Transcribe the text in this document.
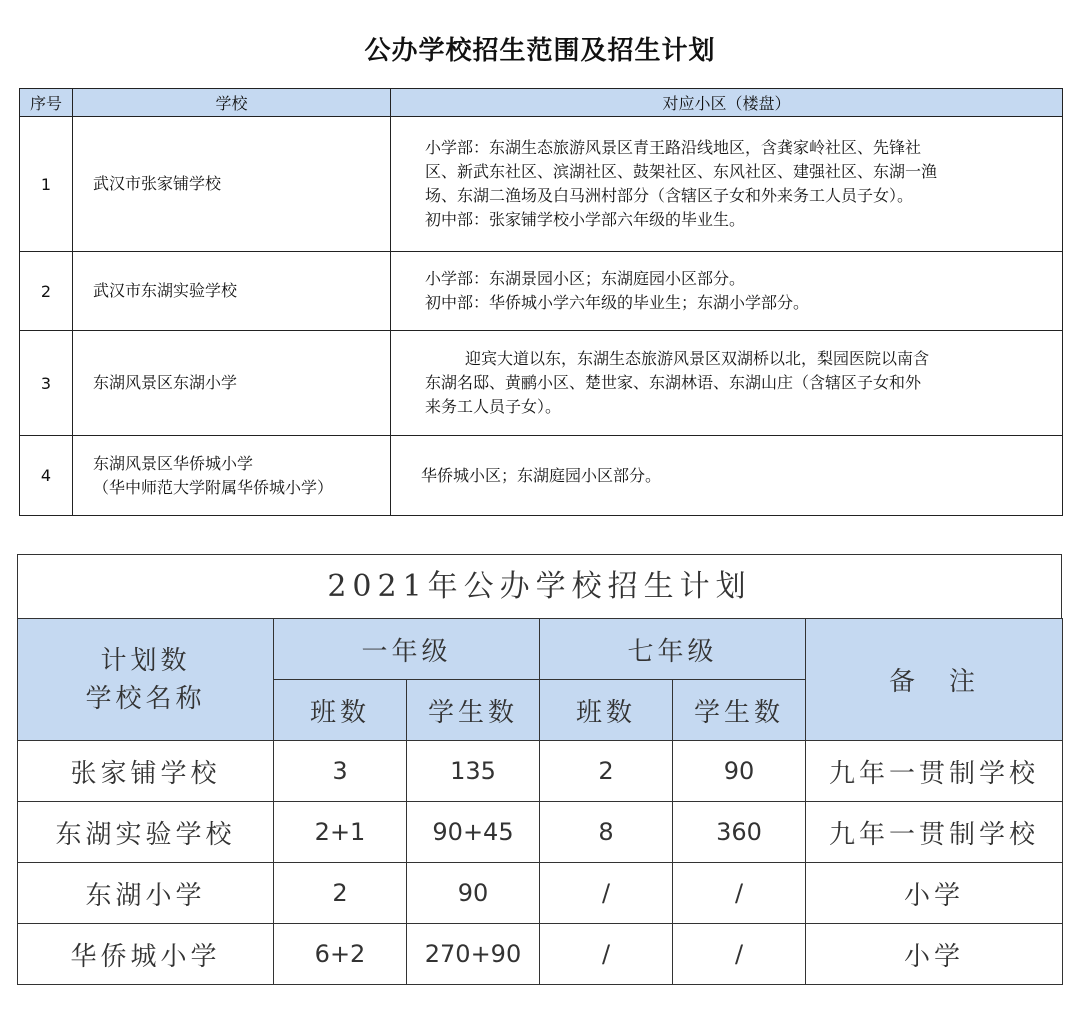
公办学校招生范围及招生计划
序号	学校	对应小区（楼盘）
1	武汉市张家铺学校	小学部：东湖生态旅游风景区青王路沿线地区，含龚家岭社区、先锋社
区、新武东社区、滨湖社区、鼓架社区、东风社区、建强社区、东湖一渔
场、东湖二渔场及白马洲村部分（含辖区子女和外来务工人员子女）。
初中部：张家铺学校小学部六年级的毕业生。

2	武汉市东湖实验学校	小学部：东湖景园小区；东湖庭园小区部分。
初中部：华侨城小学六年级的毕业生；东湖小学部分。

3	东湖风景区东湖小学	迎宾大道以东，东湖生态旅游风景区双湖桥以北，梨园医院以南含
东湖名邸、黄鹂小区、楚世家、东湖林语、东湖山庄（含辖区子女和外
来务工人员子女）。

4	东湖风景区华侨城小学
（华中师范大学附属华侨城小学）	华侨城小区；东湖庭园小区部分。
2021年公办学校招生计划
计划数
学校名称	一年级		七年级		备　注
	班数	学生数	班数	学生数	
张家铺学校	3	135	2	90	九年一贯制学校
东湖实验学校	2+1	90+45	8	360	九年一贯制学校
东湖小学	2	90	/	/	小学
华侨城小学	6+2	270+90	/	/	小学
